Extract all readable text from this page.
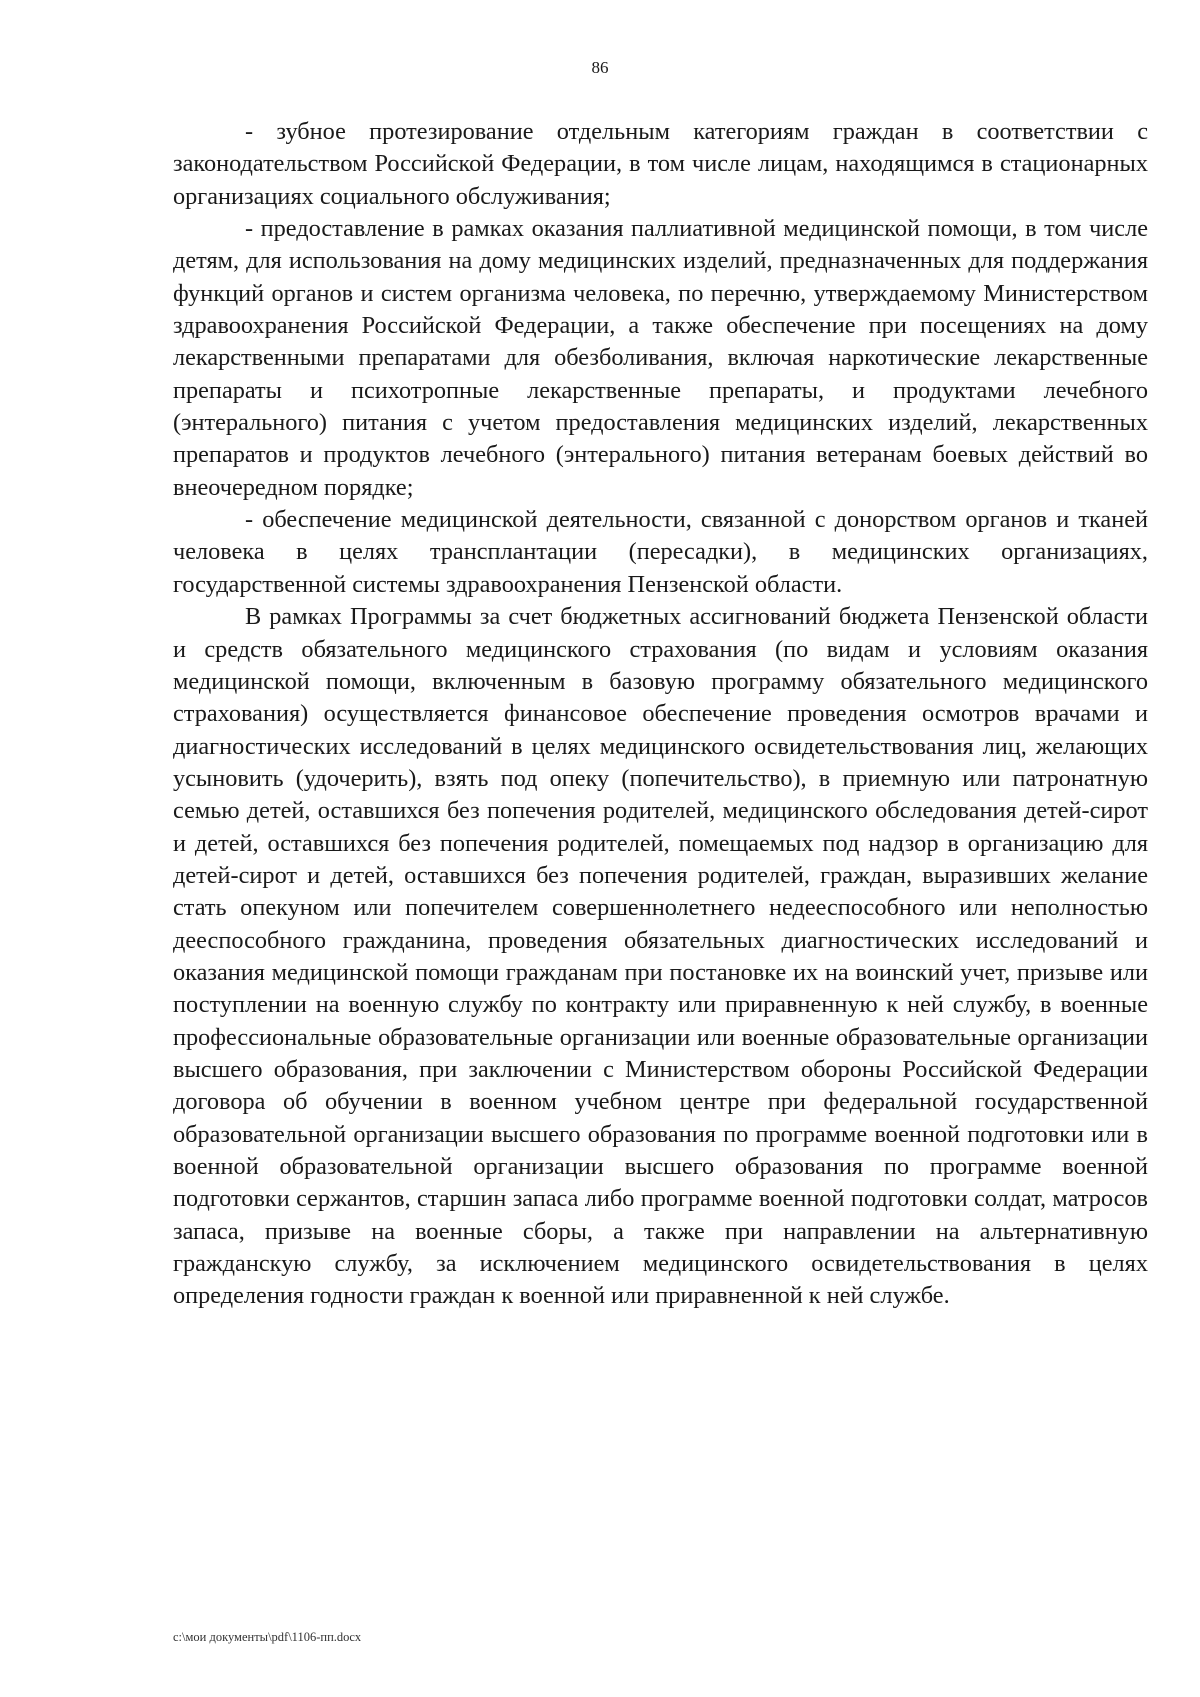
86

- зубное протезирование отдельным категориям граждан в соответствии с законодательством Российской Федерации, в том числе лицам, находящимся в стационарных организациях социального обслуживания;

- предоставление в рамках оказания паллиативной медицинской помощи, в том числе детям, для использования на дому медицинских изделий, предназначенных для поддержания функций органов и систем организма человека, по перечню, утверждаемому Министерством здравоохранения Российской Федерации, а также обеспечение при посещениях на дому лекарственными препаратами для обезболивания, включая наркотические лекарственные препараты и психотропные лекарственные препараты, и продуктами лечебного (энтерального) питания с учетом предоставления медицинских изделий, лекарственных препаратов и продуктов лечебного (энтерального) питания ветеранам боевых действий во внеочередном порядке;

- обеспечение медицинской деятельности, связанной с донорством органов и тканей человека в целях трансплантации (пересадки), в медицинских организациях, государственной системы здравоохранения Пензенской области.

В рамках Программы за счет бюджетных ассигнований бюджета Пензенской области и средств обязательного медицинского страхования (по видам и условиям оказания медицинской помощи, включенным в базовую программу обязательного медицинского страхования) осуществляется финансовое обеспечение проведения осмотров врачами и диагностических исследований в целях медицинского освидетельствования лиц, желающих усыновить (удочерить), взять под опеку (попечительство), в приемную или патронатную семью детей, оставшихся без попечения родителей, медицинского обследования детей-сирот и детей, оставшихся без попечения родителей, помещаемых под надзор в организацию для детей-сирот и детей, оставшихся без попечения родителей, граждан, выразивших желание стать опекуном или попечителем совершеннолетнего недееспособного или неполностью дееспособного гражданина, проведения обязательных диагностических исследований и оказания медицинской помощи гражданам при постановке их на воинский учет, призыве или поступлении на военную службу по контракту или приравненную к ней службу, в военные профессиональные образовательные организации или военные образовательные организации высшего образования, при заключении с Министерством обороны Российской Федерации договора об обучении в военном учебном центре при федеральной государственной образовательной организации высшего образования по программе военной подготовки или в военной образовательной организации высшего образования по программе военной подготовки сержантов, старшин запаса либо программе военной подготовки солдат, матросов запаса, призыве на военные сборы, а также при направлении на альтернативную гражданскую службу, за исключением медицинского освидетельствования в целях определения годности граждан к военной или приравненной к ней службе.

c:\мои документы\pdf\1106-пп.docx
